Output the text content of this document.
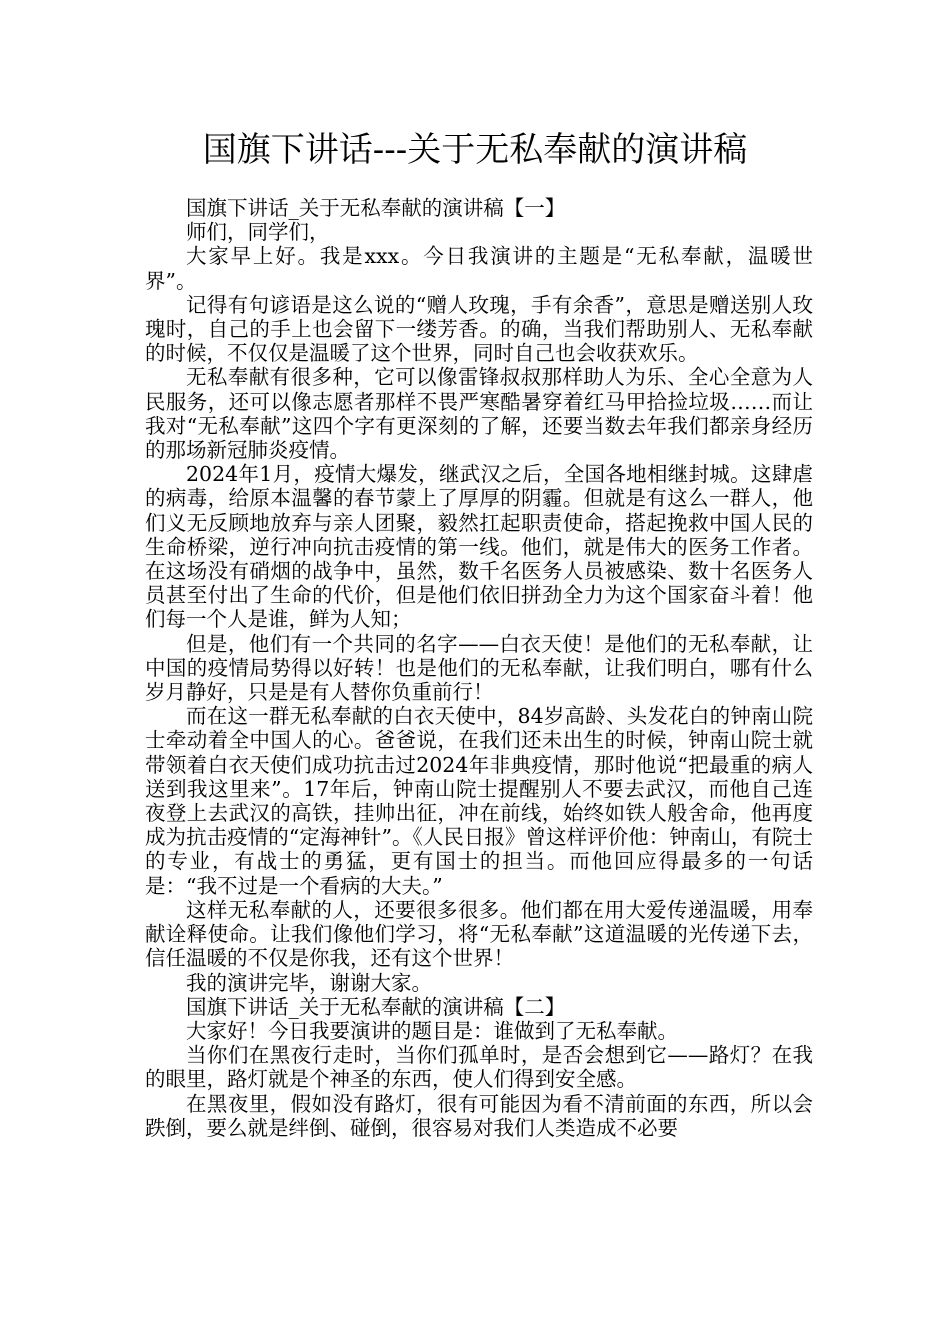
国旗下讲话---关于无私奉献的演讲稿

国旗下讲话_关于无私奉献的演讲稿【一】

师们，同学们，

大家早上好。我是xxx。今日我演讲的主题是“无私奉献，温暖世界”。

记得有句谚语是这么说的“赠人玫瑰，手有余香”，意思是赠送别人玫瑰时，自己的手上也会留下一缕芳香。的确，当我们帮助别人、无私奉献的时候，不仅仅是温暖了这个世界，同时自己也会收获欢乐。

无私奉献有很多种，它可以像雷锋叔叔那样助人为乐、全心全意为人民服务，还可以像志愿者那样不畏严寒酷暑穿着红马甲拾捡垃圾……而让我对“无私奉献”这四个字有更深刻的了解，还要当数去年我们都亲身经历的那场新冠肺炎疫情。

2024年1月，疫情大爆发，继武汉之后，全国各地相继封城。这肆虐的病毒，给原本温馨的春节蒙上了厚厚的阴霾。但就是有这么一群人，他们义无反顾地放弃与亲人团聚，毅然扛起职责使命，搭起挽救中国人民的生命桥梁，逆行冲向抗击疫情的第一线。他们，就是伟大的医务工作者。在这场没有硝烟的战争中，虽然，数千名医务人员被感染、数十名医务人员甚至付出了生命的代价，但是他们依旧拼劲全力为这个国家奋斗着！他们每一个人是谁，鲜为人知；

但是，他们有一个共同的名字——白衣天使！是他们的无私奉献，让中国的疫情局势得以好转！也是他们的无私奉献，让我们明白，哪有什么岁月静好，只是是有人替你负重前行！

而在这一群无私奉献的白衣天使中，84岁高龄、头发花白的钟南山院士牵动着全中国人的心。爸爸说，在我们还未出生的时候，钟南山院士就带领着白衣天使们成功抗击过2024年非典疫情，那时他说“把最重的病人送到我这里来”。17年后，钟南山院士提醒别人不要去武汉，而他自己连夜登上去武汉的高铁，挂帅出征，冲在前线，始终如铁人般舍命，他再度成为抗击疫情的“定海神针”。《人民日报》曾这样评价他：钟南山，有院士的专业，有战士的勇猛，更有国士的担当。而他回应得最多的一句话是：“我不过是一个看病的大夫。”

这样无私奉献的人，还要很多很多。他们都在用大爱传递温暖，用奉献诠释使命。让我们像他们学习，将“无私奉献”这道温暖的光传递下去，信任温暖的不仅是你我，还有这个世界！

我的演讲完毕，谢谢大家。

国旗下讲话_关于无私奉献的演讲稿【二】

大家好！今日我要演讲的题目是：谁做到了无私奉献。

当你们在黑夜行走时，当你们孤单时，是否会想到它——路灯？在我的眼里，路灯就是个神圣的东西，使人们得到安全感。

在黑夜里，假如没有路灯，很有可能因为看不清前面的东西，所以会跌倒，要么就是绊倒、碰倒，很容易对我们人类造成不必要
